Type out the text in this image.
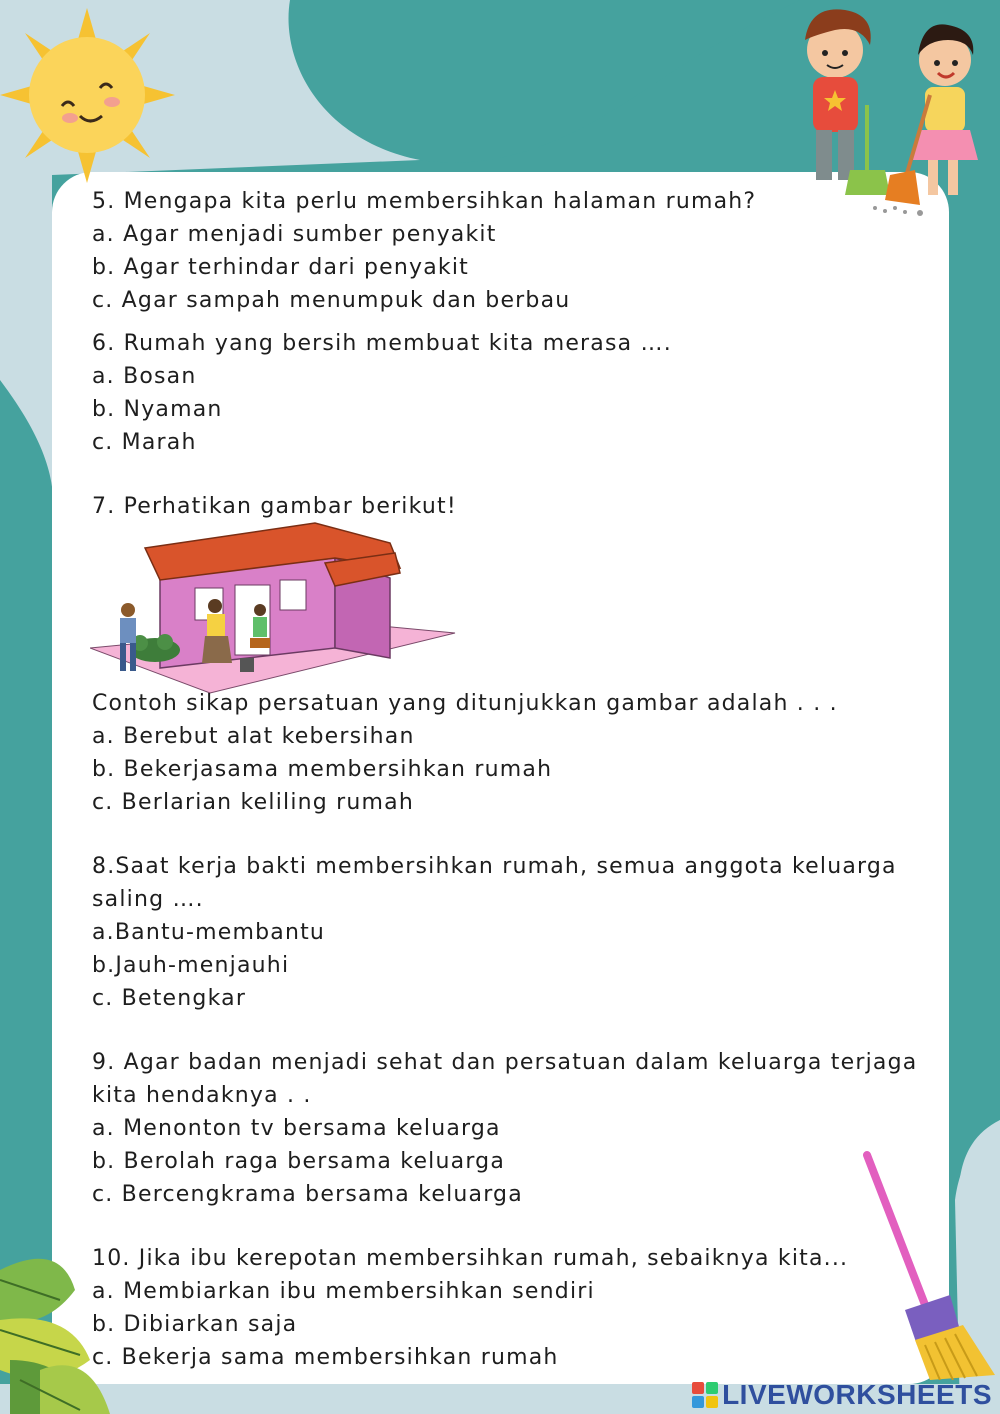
5. Mengapa kita perlu membersihkan halaman rumah?

a. Agar menjadi sumber penyakit

b. Agar terhindar dari penyakit

c. Agar sampah menumpuk dan berbau

6. Rumah yang bersih membuat kita merasa ….

a. Bosan

b. Nyaman

c. Marah

7. Perhatikan gambar berikut!

Contoh sikap persatuan yang ditunjukkan gambar adalah . . .

a. Berebut alat kebersihan

b. Bekerjasama membersihkan rumah

c. Berlarian keliling rumah

8.Saat kerja bakti membersihkan rumah, semua anggota keluarga

saling ….

a.Bantu-membantu

b.Jauh-menjauhi

c. Betengkar

9. Agar badan menjadi sehat dan persatuan dalam keluarga terjaga

kita hendaknya . .

a. Menonton tv bersama keluarga

b. Berolah raga bersama keluarga

c. Bercengkrama bersama keluarga

10. Jika ibu kerepotan membersihkan rumah, sebaiknya kita...

a. Membiarkan ibu membersihkan sendiri

b. Dibiarkan saja

c. Bekerja sama membersihkan rumah

LIVEWORKSHEETS
